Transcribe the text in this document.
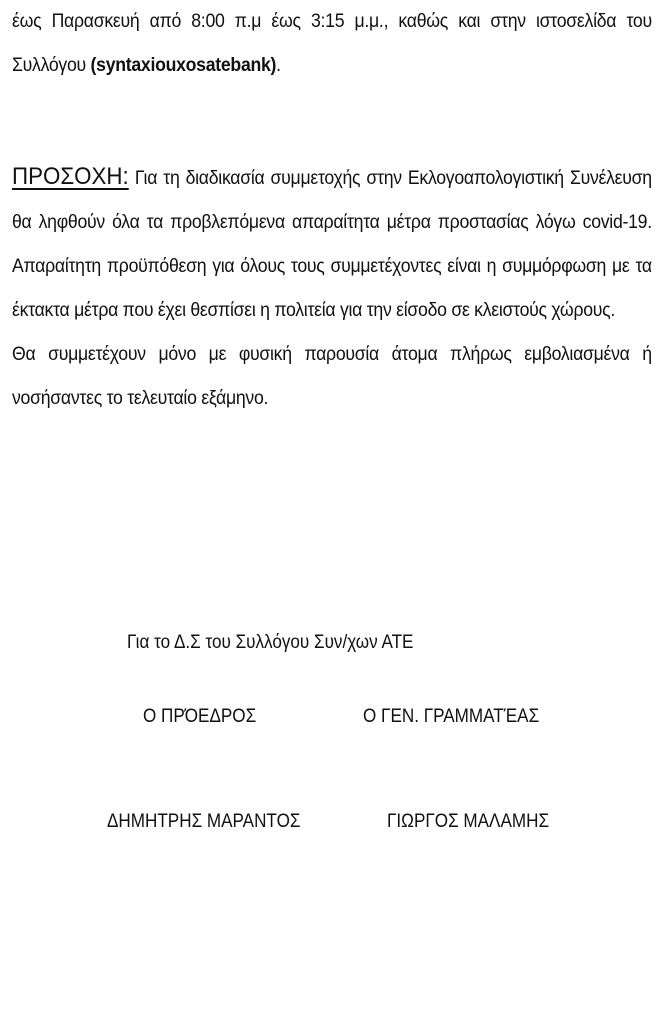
έως Παρασκευή από 8:00 π.μ έως 3:15 μ.μ., καθώς και στην ιστοσελίδα του
Συλλόγου (syntaxiouxosatebank).
ΠΡΟΣΟΧΗ: Για τη διαδικασία συμμετοχής στην Εκλογοαπολογιστική Συνέλευση θα ληφθούν όλα τα προβλεπόμενα απαραίτητα μέτρα προστασίας λόγω covid-19. Απαραίτητη προϋπόθεση για όλους τους συμμετέχοντες είναι η συμμόρφωση με τα έκτακτα μέτρα που έχει θεσπίσει η πολιτεία για την είσοδο σε κλειστούς χώρους.
Θα συμμετέχουν μόνο με φυσική παρουσία άτομα πλήρως εμβολιασμένα ή νοσήσαντες το τελευταίο εξάμηνο.
Για το Δ.Σ του Συλλόγου Συν/χων ΑΤΕ
Ο ΠΡΌΕΔΡΟΣ	Ο ΓΕΝ. ΓΡΑΜΜΑΤΈΑΣ
ΔΗΜΗΤΡΗΣ ΜΑΡΑΝΤΟΣ	ΓΙΩΡΓΟΣ ΜΑΛΑΜΗΣ
